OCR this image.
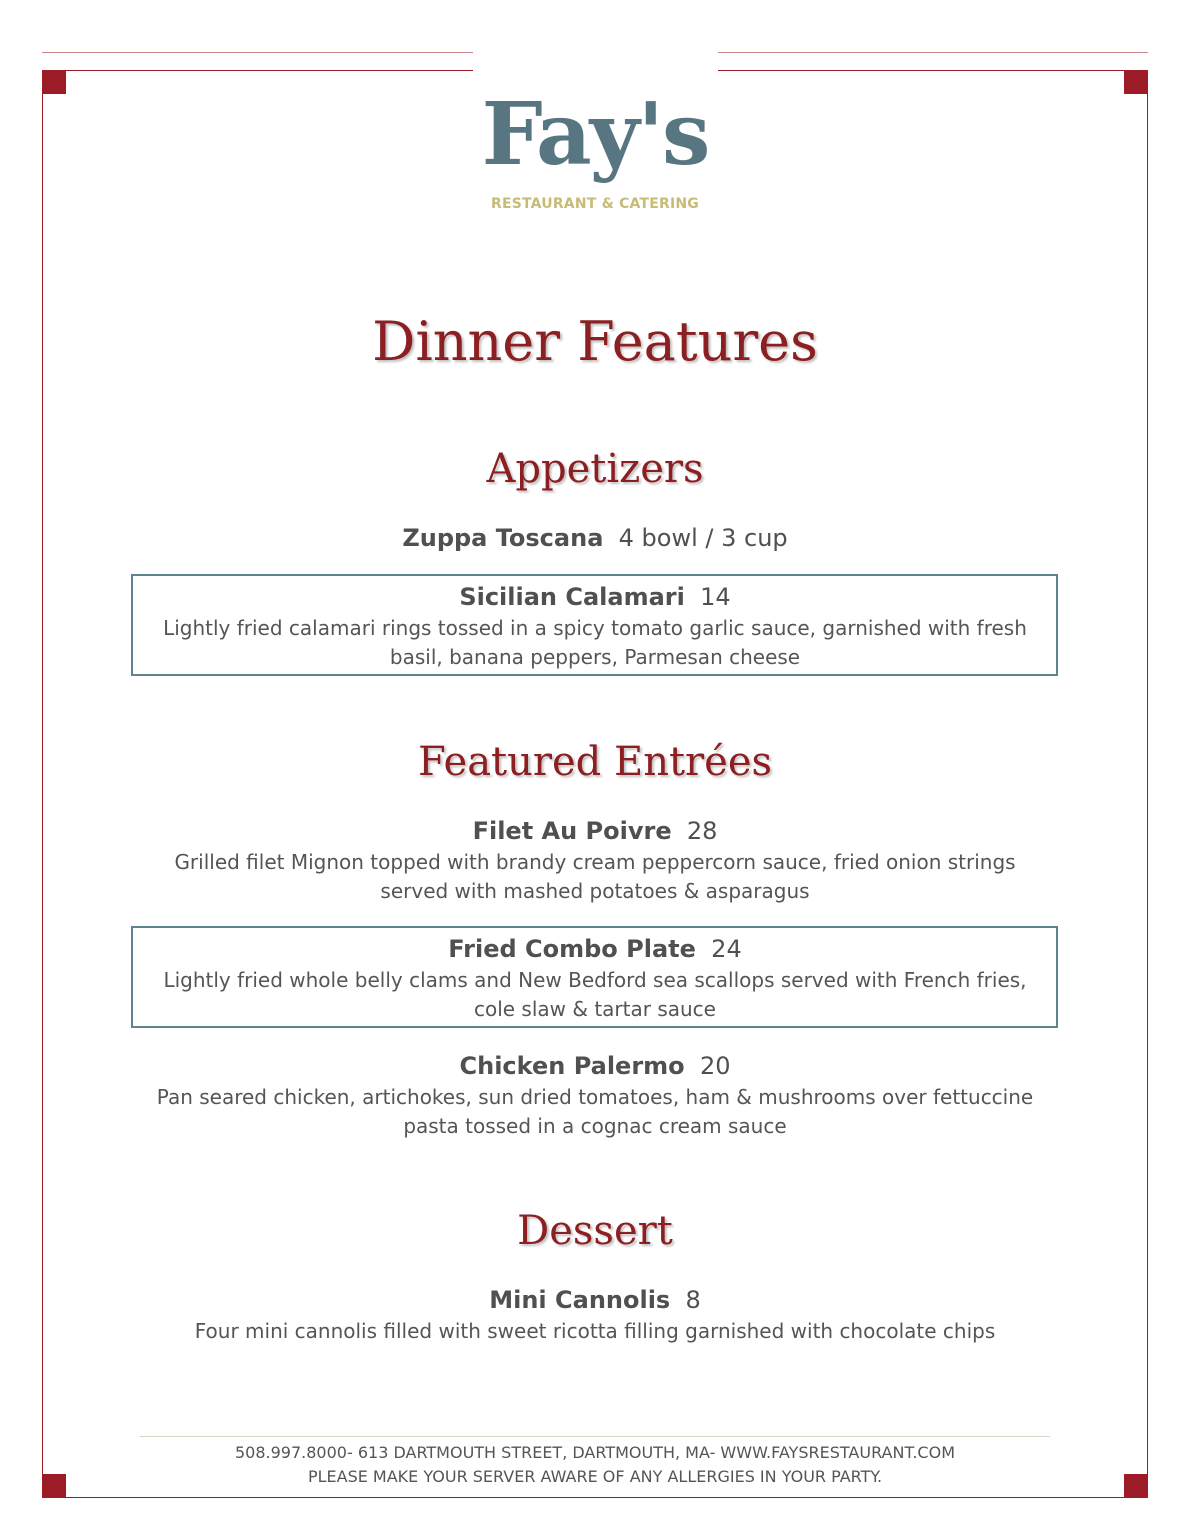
Fay's
RESTAURANT & CATERING
Dinner Features
Appetizers
Zuppa Toscana 4 bowl / 3 cup
Sicilian Calamari 14
Lightly fried calamari rings tossed in a spicy tomato garlic sauce, garnished with fresh basil, banana peppers, Parmesan cheese
Featured Entrées
Filet Au Poivre 28
Grilled filet Mignon topped with brandy cream peppercorn sauce, fried onion strings served with mashed potatoes & asparagus
Fried Combo Plate 24
Lightly fried whole belly clams and New Bedford sea scallops served with French fries, cole slaw & tartar sauce
Chicken Palermo 20
Pan seared chicken, artichokes, sun dried tomatoes, ham & mushrooms over fettuccine pasta tossed in a cognac cream sauce
Dessert
Mini Cannolis 8
Four mini cannolis filled with sweet ricotta filling garnished with chocolate chips
508.997.8000- 613 DARTMOUTH STREET, DARTMOUTH, MA- WWW.FAYSRESTAURANT.COM
PLEASE MAKE YOUR SERVER AWARE OF ANY ALLERGIES IN YOUR PARTY.
